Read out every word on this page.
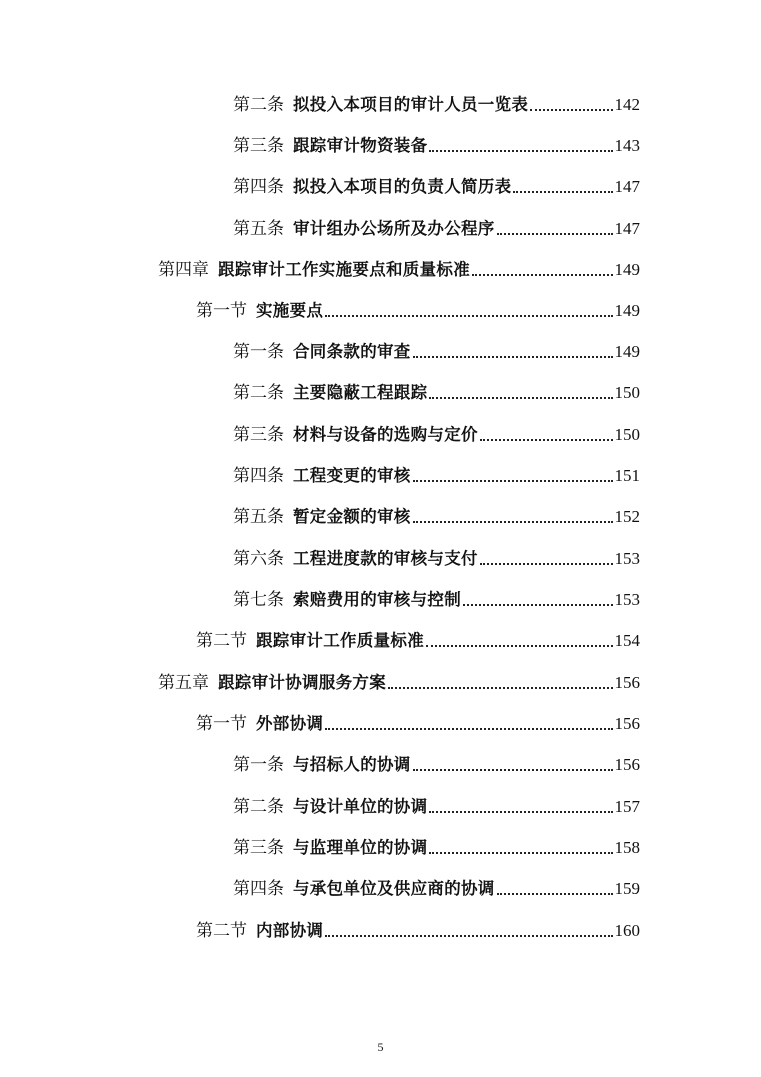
第二条 拟投入本项目的审计人员一览表	142
第三条 跟踪审计物资装备	143
第四条 拟投入本项目的负责人简历表	147
第五条 审计组办公场所及办公程序	147
第四章 跟踪审计工作实施要点和质量标准	149
第一节 实施要点	149
第一条 合同条款的审查	149
第二条 主要隐蔽工程跟踪	150
第三条 材料与设备的选购与定价	150
第四条 工程变更的审核	151
第五条 暂定金额的审核	152
第六条 工程进度款的审核与支付	153
第七条 索赔费用的审核与控制	153
第二节 跟踪审计工作质量标准	154
第五章 跟踪审计协调服务方案	156
第一节 外部协调	156
第一条 与招标人的协调	156
第二条 与设计单位的协调	157
第三条 与监理单位的协调	158
第四条 与承包单位及供应商的协调	159
第二节 内部协调	160
5
